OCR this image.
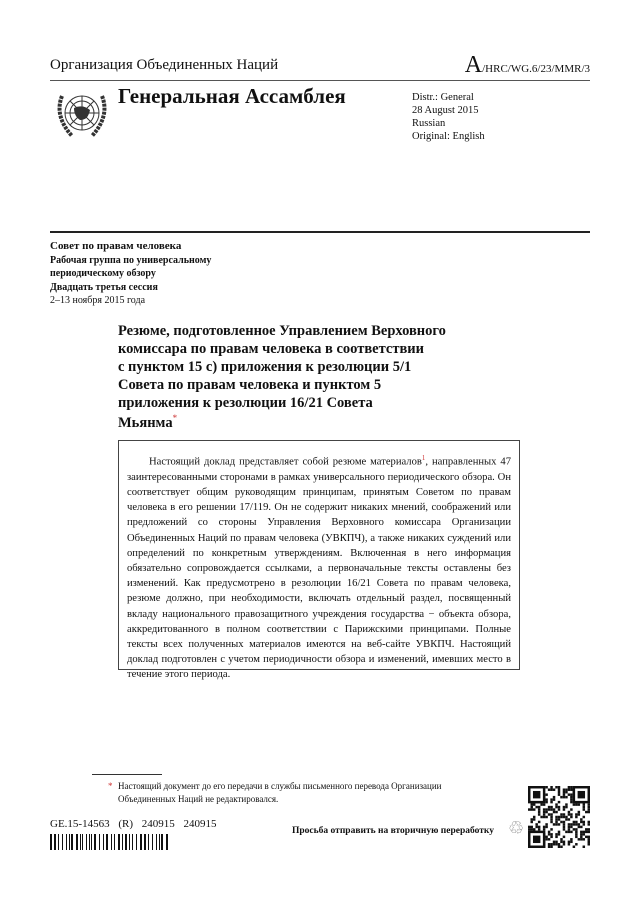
Организация Объединенных Наций	A/HRC/WG.6/23/MMR/3
Генеральная Ассамблея	Distr.: General
28 August 2015
Russian
Original: English
Совет по правам человека
Рабочая группа по универсальному
периодическому обзору
Двадцать третья сессия
2–13 ноября 2015 года
Резюме, подготовленное Управлением Верховного
комиссара по правам человека в соответствии
с пунктом 15 c) приложения к резолюции 5/1
Совета по правам человека и пунктом 5
приложения к резолюции 16/21 Совета
Мьянма*

Настоящий доклад представляет собой резюме материалов$^1$, направленных 47 заинтересованными сторонами в рамках универсального периодического обзора. Он соответствует общим руководящим принципам, принятым Советом по правам человека в его решении 17/119. Он не содержит никаких мнений, соображений или предложений со стороны Управления Верховного комиссара Организации Объединенных Наций по правам человека (УВКПЧ), а также никаких суждений или определений по конкретным утверждениям. Включенная в него информация обязательно сопровождается ссылками, а первоначальные тексты оставлены без изменений. Как предусмотрено в резолюции 16/21 Совета по правам человека, резюме должно, при необходимости, включать отдельный раздел, посвященный вкладу национального правозащитного учреждения государства − объекта обзора, аккредитованного в полном соответствии с Парижскими принципами. Полные тексты всех полученных материалов имеются на веб-сайте УВКПЧ. Настоящий доклад подготовлен с учетом периодичности обзора и изменений, имевших место в течение этого периода.

* Настоящий документ до его передачи в службы письменного перевода Организации Объединенных Наций не редактировался.
GE.15-14563 (R) 240915 240915
Просьба отправить на вторичную переработку ♲
